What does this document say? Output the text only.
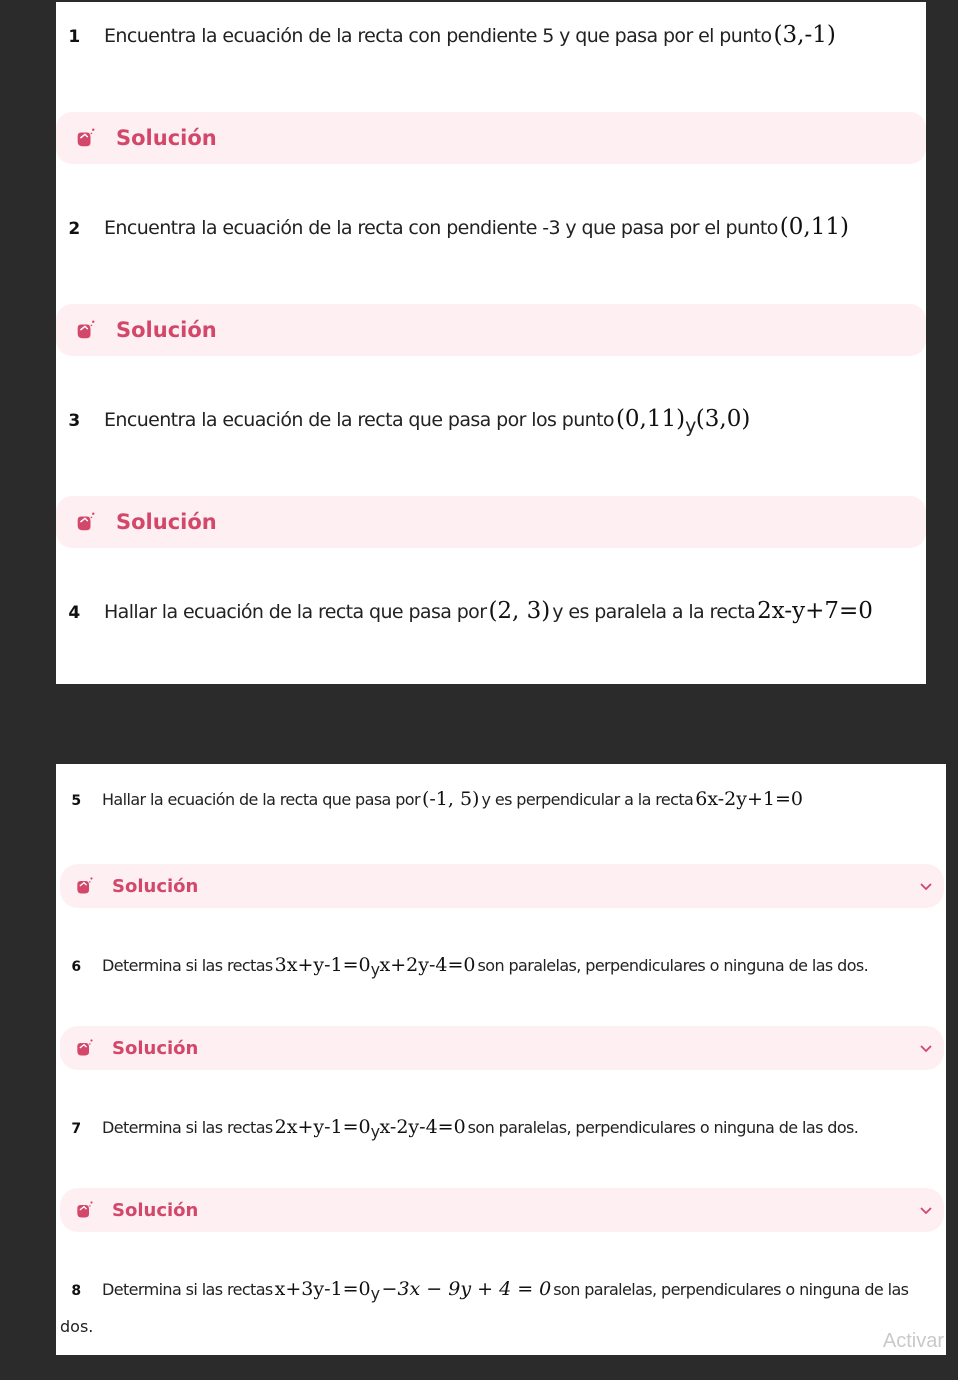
1	Encuentra la ecuación de la recta con pendiente 5 y que pasa por el punto (3,-1)
Solución
2	Encuentra la ecuación de la recta con pendiente -3 y que pasa por el punto (0,11)
Solución
3	Encuentra la ecuación de la recta que pasa por los punto (0,11) y (3,0)
Solución
4	Hallar la ecuación de la recta que pasa por (2, 3) y es paralela a la recta 2x-y+7=0
5	Hallar la ecuación de la recta que pasa por (-1, 5) y es perpendicular a la recta 6x-2y+1=0
Solución
6	Determina si las rectas 3x+y-1=0 y x+2y-4=0 son paralelas, perpendiculares o ninguna de las dos.
Solución
7	Determina si las rectas 2x+y-1=0 y x-2y-4=0 son paralelas, perpendiculares o ninguna de las dos.
Solución
8	Determina si las rectas x+3y-1=0 y −3x − 9y + 4 = 0 son paralelas, perpendiculares o ninguna de las
dos.
Activar
